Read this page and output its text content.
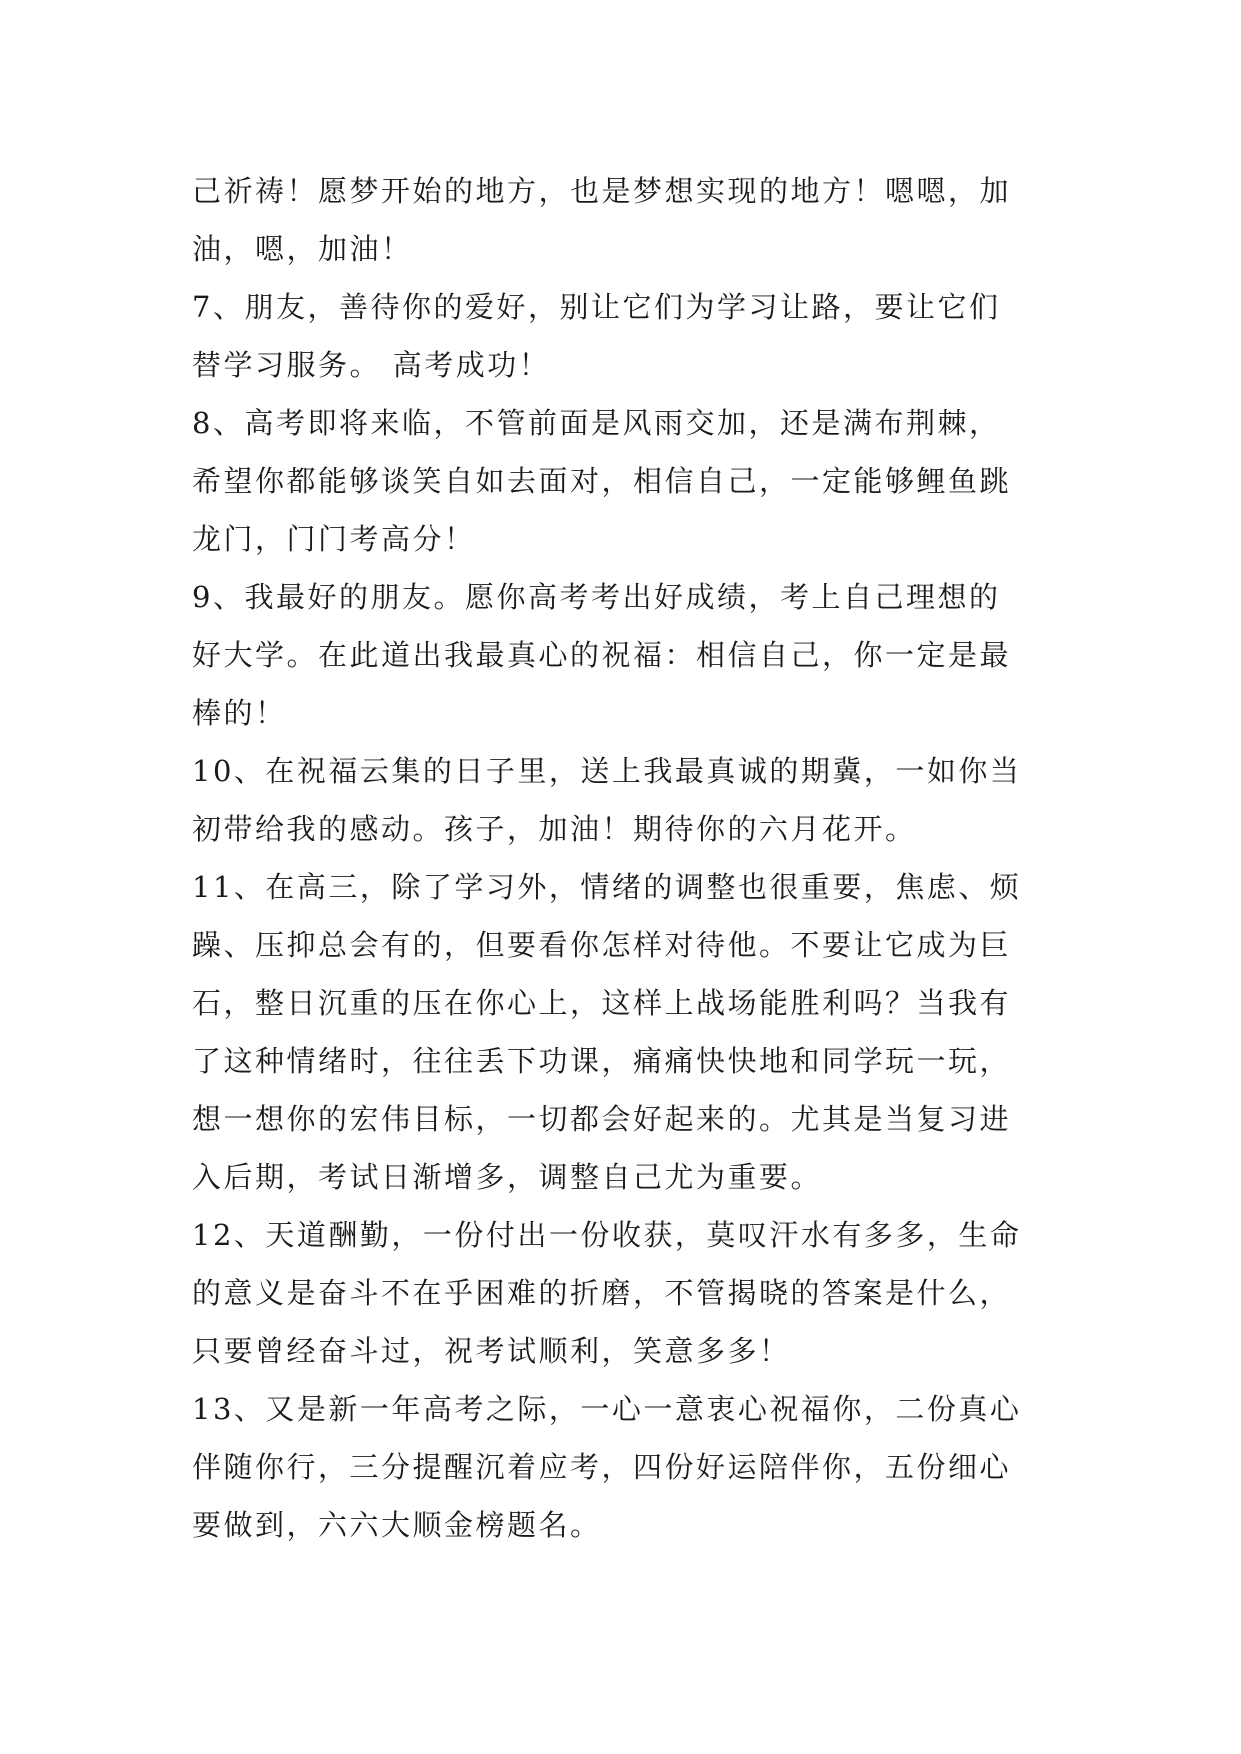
己祈祷！愿梦开始的地方，也是梦想实现的地方！嗯嗯，加
油，嗯，加油！
7、朋友，善待你的爱好，别让它们为学习让路，要让它们
替学习服务。 高考成功！
8、高考即将来临，不管前面是风雨交加，还是满布荆棘，
希望你都能够谈笑自如去面对，相信自己，一定能够鲤鱼跳
龙门，门门考高分！
9、我最好的朋友。愿你高考考出好成绩，考上自己理想的
好大学。在此道出我最真心的祝福：相信自己，你一定是最
棒的！
10、在祝福云集的日子里，送上我最真诚的期冀，一如你当
初带给我的感动。孩子，加油！期待你的六月花开。
11、在高三，除了学习外，情绪的调整也很重要，焦虑、烦
躁、压抑总会有的，但要看你怎样对待他。不要让它成为巨
石，整日沉重的压在你心上，这样上战场能胜利吗？当我有
了这种情绪时，往往丢下功课，痛痛快快地和同学玩一玩，
想一想你的宏伟目标，一切都会好起来的。尤其是当复习进
入后期，考试日渐增多，调整自己尤为重要。
12、天道酬勤，一份付出一份收获，莫叹汗水有多多，生命
的意义是奋斗不在乎困难的折磨，不管揭晓的答案是什么，
只要曾经奋斗过，祝考试顺利，笑意多多！
13、又是新一年高考之际，一心一意衷心祝福你，二份真心
伴随你行，三分提醒沉着应考，四份好运陪伴你，五份细心
要做到，六六大顺金榜题名。
